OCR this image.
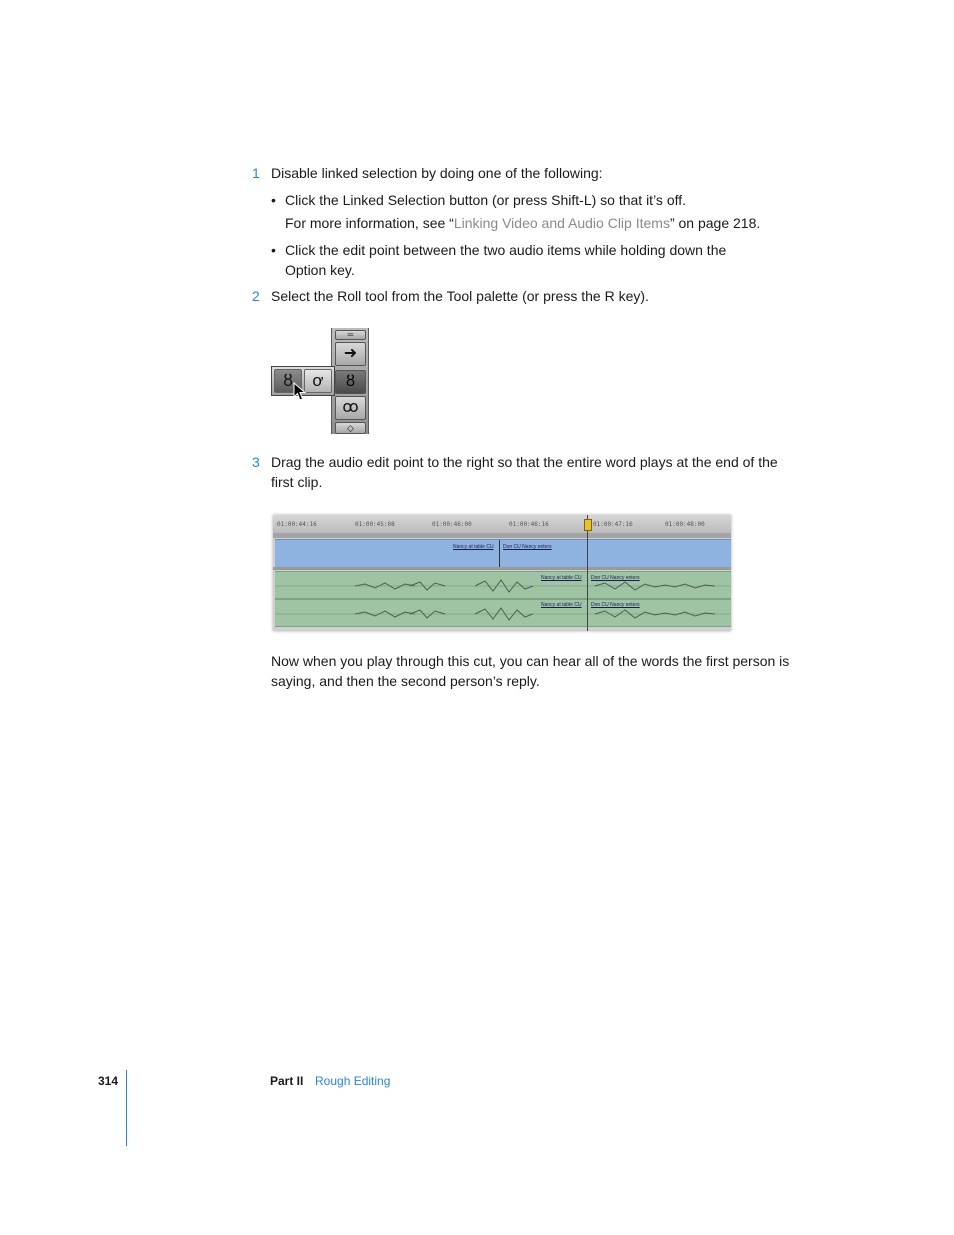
1 Disable linked selection by doing one of the following:
• Click the Linked Selection button (or press Shift-L) so that it’s off.
For more information, see “Linking Video and Audio Clip Items” on page 218.
• Click the edit point between the two audio items while holding down the
Option key.
2 Select the Roll tool from the Tool palette (or press the R key).
═
➜
ȣ
ꝏ
◇
ȣ	ơ
3 Drag the audio edit point to the right so that the entire word plays at the end of the
first clip.
01:00:44:16	01:00:45:08	01:00:46:00	01:00:46:16	01:00:47:16	01:00:48:00
Nancy at table CU Don CU Nancy enters
Nancy at table CU Don CU Nancy enters
Nancy at table CU Don CU Nancy enters
Now when you play through this cut, you can hear all of the words the first person is
saying, and then the second person’s reply.
314	Part II Rough Editing
